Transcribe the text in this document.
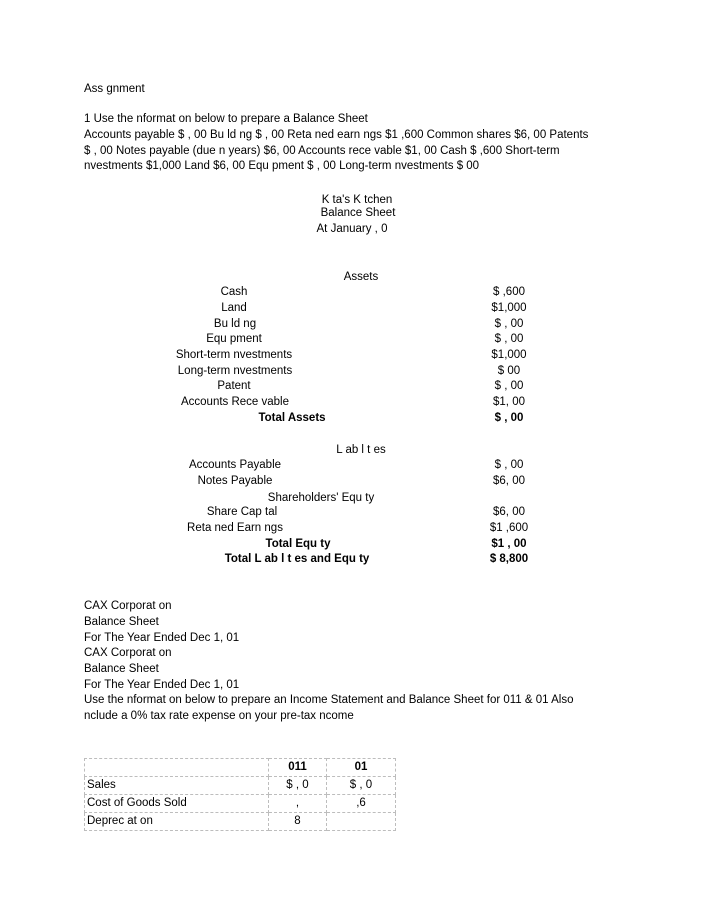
Ass gnment
1 Use the nformat on below to prepare a Balance Sheet
Accounts payable $ , 00 Bu ld ng $ , 00 Reta ned earn ngs $1 ,600 Common shares $6, 00 Patents
$ , 00 Notes payable (due n years) $6, 00 Accounts rece vable $1, 00 Cash $ ,600 Short-term
nvestments $1,000 Land $6, 00 Equ pment $ , 00 Long-term nvestments $ 00
K ta's K tchen
Balance Sheet
At January , 0
Assets
Cash	$ ,600
Land	$1,000
Bu ld ng	$ , 00
Equ pment	$ , 00
Short-term nvestments	$1,000
Long-term nvestments	$ 00
Patent	$ , 00
Accounts Rece vable	$1, 00
Total Assets	$ , 00
L ab l t es
Accounts Payable	$ , 00
Notes Payable	$6, 00
Shareholders' Equ ty
Share Cap tal	$6, 00
Reta ned Earn ngs	$1 ,600
Total Equ ty	$1 , 00
Total L ab l t es and Equ ty	$ 8,800
CAX Corporat on
Balance Sheet
For The Year Ended Dec 1, 01
CAX Corporat on
Balance Sheet
For The Year Ended Dec 1, 01
Use the nformat on below to prepare an Income Statement and Balance Sheet for 011 & 01 Also
nclude a 0% tax rate expense on your pre-tax ncome
	011	01
Sales	$ , 0	$ , 0
Cost of Goods Sold	,	,6
Deprec at on	8	
